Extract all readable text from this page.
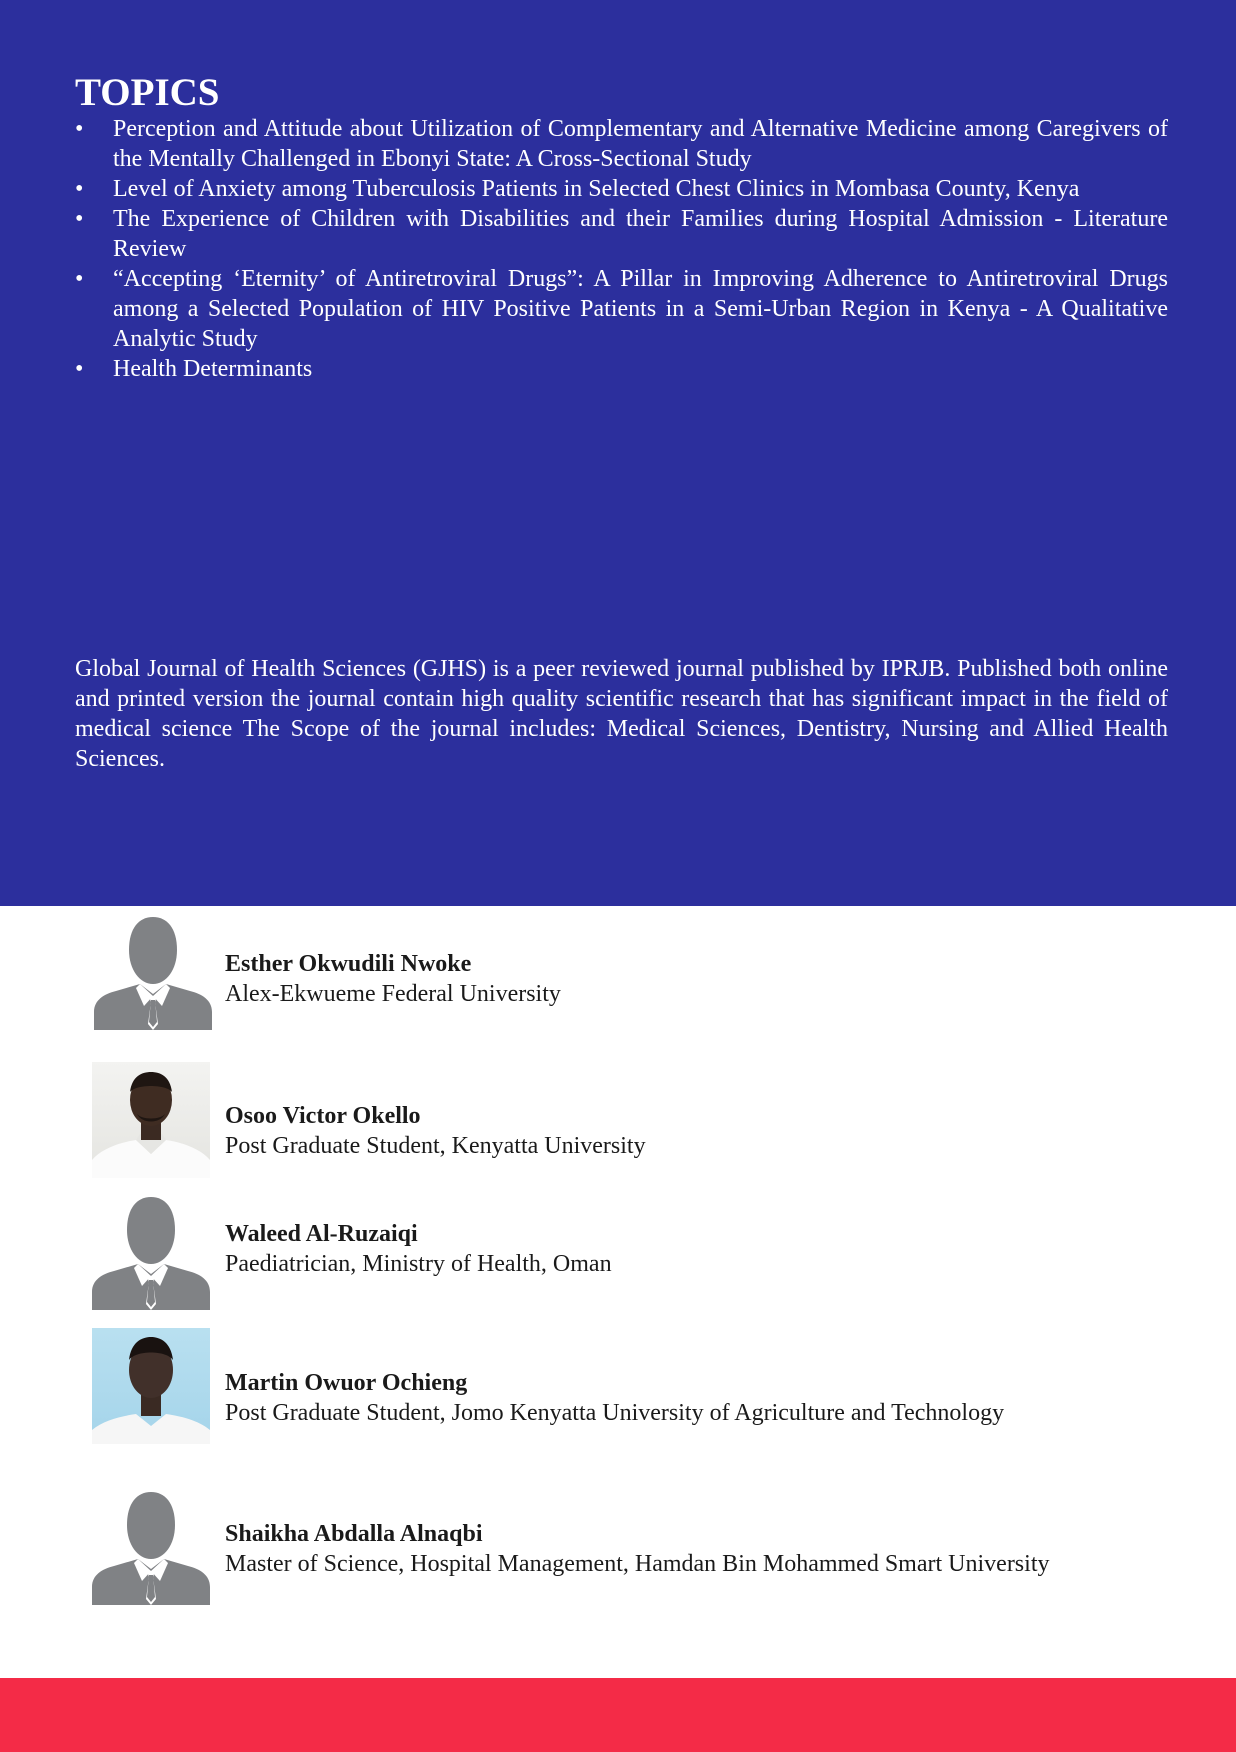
TOPICS
• Perception and Attitude about Utilization of Complementary and Alternative Medicine among Caregivers of the Mentally Challenged in Ebonyi State: A Cross-Sectional Study
• Level of Anxiety among Tuberculosis Patients in Selected Chest Clinics in Mombasa County, Kenya
• The Experience of Children with Disabilities and their Families during Hospital Admission - Literature Review
• “Accepting ‘Eternity’ of Antiretroviral Drugs”: A Pillar in Improving Adherence to Antiretroviral Drugs among a Selected Population of HIV Positive Patients in a Semi-Urban Region in Kenya - A Qualitative Analytic Study
• Health Determinants

Global Journal of Health Sciences (GJHS) is a peer reviewed journal published by IPRJB. Published both online and printed version the journal contain high quality scientific research that has significant impact in the field of medical science The Scope of the journal includes: Medical Sciences, Dentistry, Nursing and Allied Health Sciences.

Esther Okwudili Nwoke
Alex-Ekwueme Federal University
Osoo Victor Okello
Post Graduate Student, Kenyatta University
Waleed Al-Ruzaiqi
Paediatrician, Ministry of Health, Oman
Martin Owuor Ochieng
Post Graduate Student, Jomo Kenyatta University of Agriculture and Technology
Shaikha Abdalla Alnaqbi
Master of Science, Hospital Management, Hamdan Bin Mohammed Smart University
